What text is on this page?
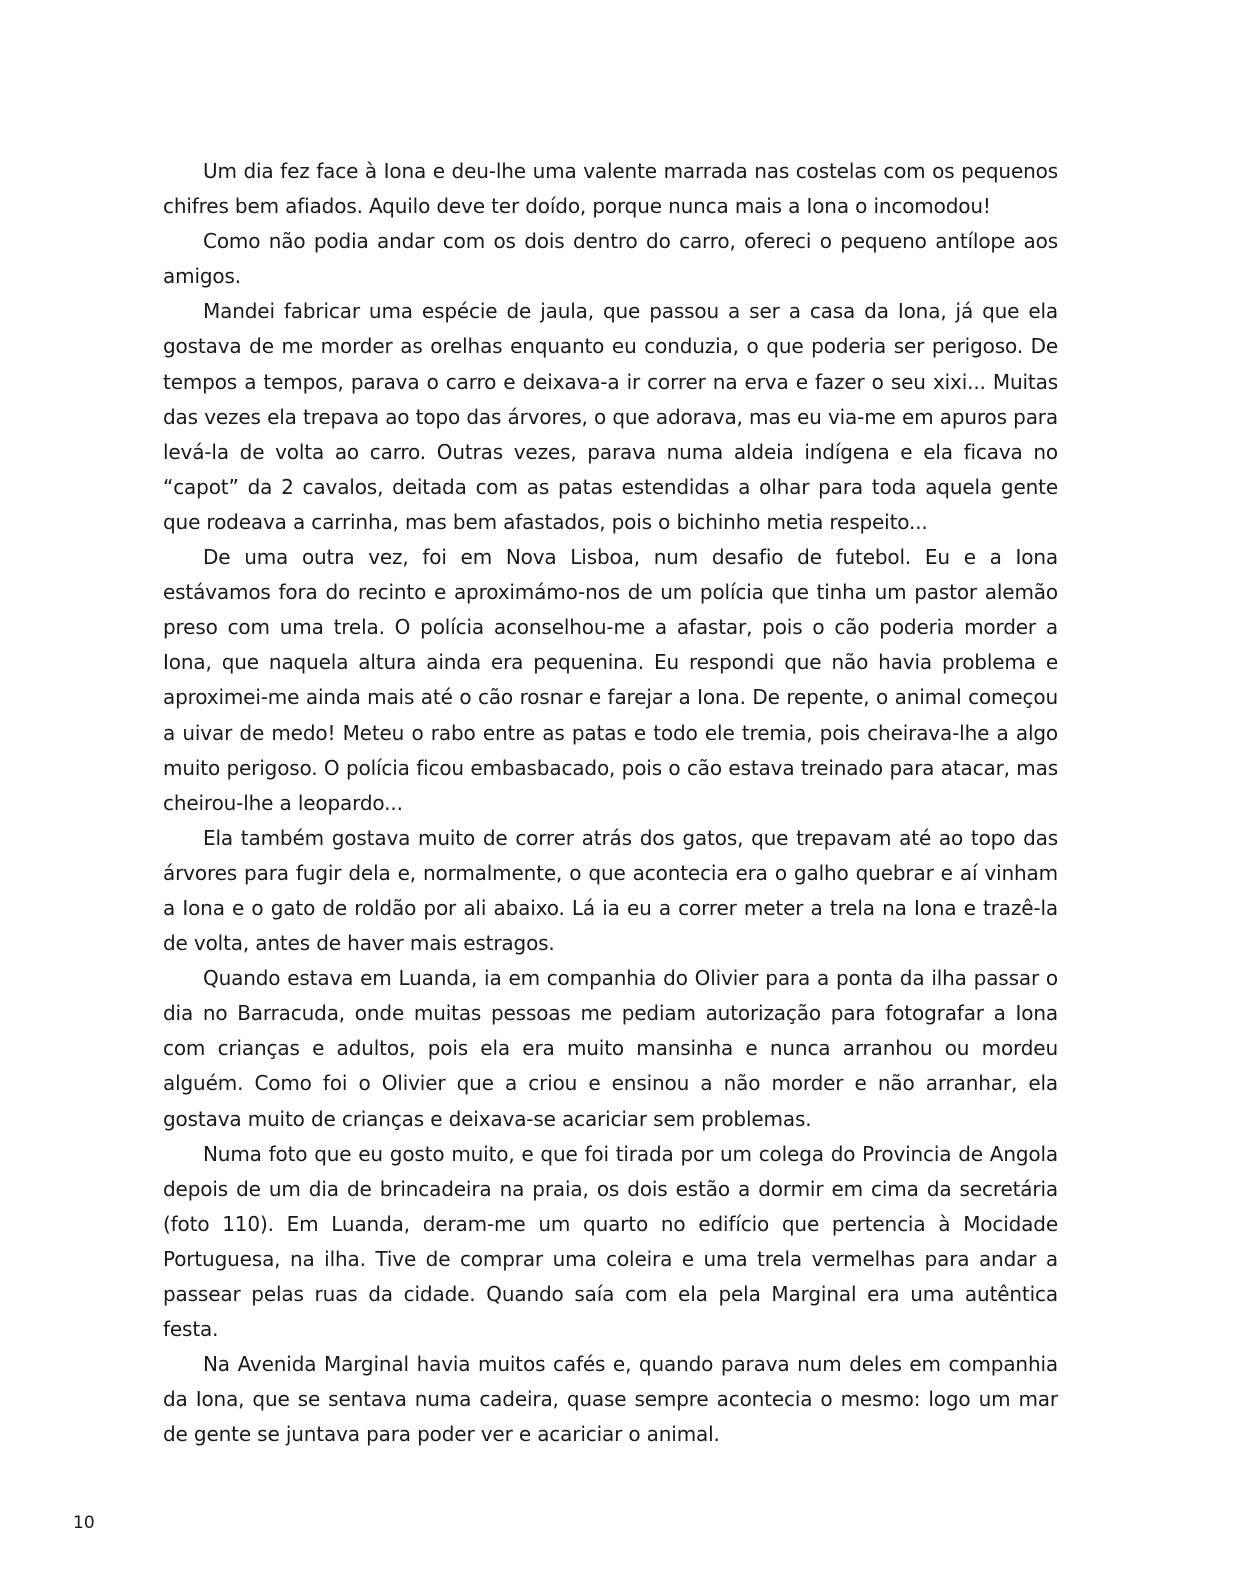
Um dia fez face à Iona e deu-lhe uma valente marrada nas costelas com os pequenos chifres bem afiados. Aquilo deve ter doído, porque nunca mais a Iona o incomodou!

Como não podia andar com os dois dentro do carro, ofereci o pequeno antílope aos amigos.

Mandei fabricar uma espécie de jaula, que passou a ser a casa da Iona, já que ela gostava de me morder as orelhas enquanto eu conduzia, o que poderia ser perigoso. De tempos a tempos, parava o carro e deixava-a ir correr na erva e fazer o seu xixi... Muitas das vezes ela trepava ao topo das árvores, o que adorava, mas eu via-me em apuros para levá-la de volta ao carro. Outras vezes, parava numa aldeia indígena e ela ficava no “capot” da 2 cavalos, deitada com as patas estendidas a olhar para toda aquela gente que rodeava a carrinha, mas bem afastados, pois o bichinho metia respeito...

De uma outra vez, foi em Nova Lisboa, num desafio de futebol. Eu e a Iona estávamos fora do recinto e aproximámo-nos de um polícia que tinha um pastor alemão preso com uma trela. O polícia aconselhou-me a afastar, pois o cão poderia morder a Iona, que naquela altura ainda era pequenina. Eu respondi que não havia problema e aproximei-me ainda mais até o cão rosnar e farejar a Iona. De repente, o animal começou a uivar de medo! Meteu o rabo entre as patas e todo ele tremia, pois cheirava-lhe a algo muito perigoso. O polícia ficou embasbacado, pois o cão estava treinado para atacar, mas cheirou-lhe a leopardo...

Ela também gostava muito de correr atrás dos gatos, que trepavam até ao topo das árvores para fugir dela e, normalmente, o que acontecia era o galho quebrar e aí vinham a Iona e o gato de roldão por ali abaixo. Lá ia eu a correr meter a trela na Iona e trazê-la de volta, antes de haver mais estragos.

Quando estava em Luanda, ia em companhia do Olivier para a ponta da ilha passar o dia no Barracuda, onde muitas pessoas me pediam autorização para fotografar a Iona com crianças e adultos, pois ela era muito mansinha e nunca arranhou ou mordeu alguém. Como foi o Olivier que a criou e ensinou a não morder e não arranhar, ela gostava muito de crianças e deixava-se acariciar sem problemas.

Numa foto que eu gosto muito, e que foi tirada por um colega do Provincia de Angola depois de um dia de brincadeira na praia, os dois estão a dormir em cima da secretária (foto 110). Em Luanda, deram-me um quarto no edifício que pertencia à Mocidade Portuguesa, na ilha. Tive de comprar uma coleira e uma trela vermelhas para andar a passear pelas ruas da cidade. Quando saía com ela pela Marginal era uma autêntica festa.

Na Avenida Marginal havia muitos cafés e, quando parava num deles em companhia da Iona, que se sentava numa cadeira, quase sempre acontecia o mesmo: logo um mar de gente se juntava para poder ver e acariciar o animal.

10
